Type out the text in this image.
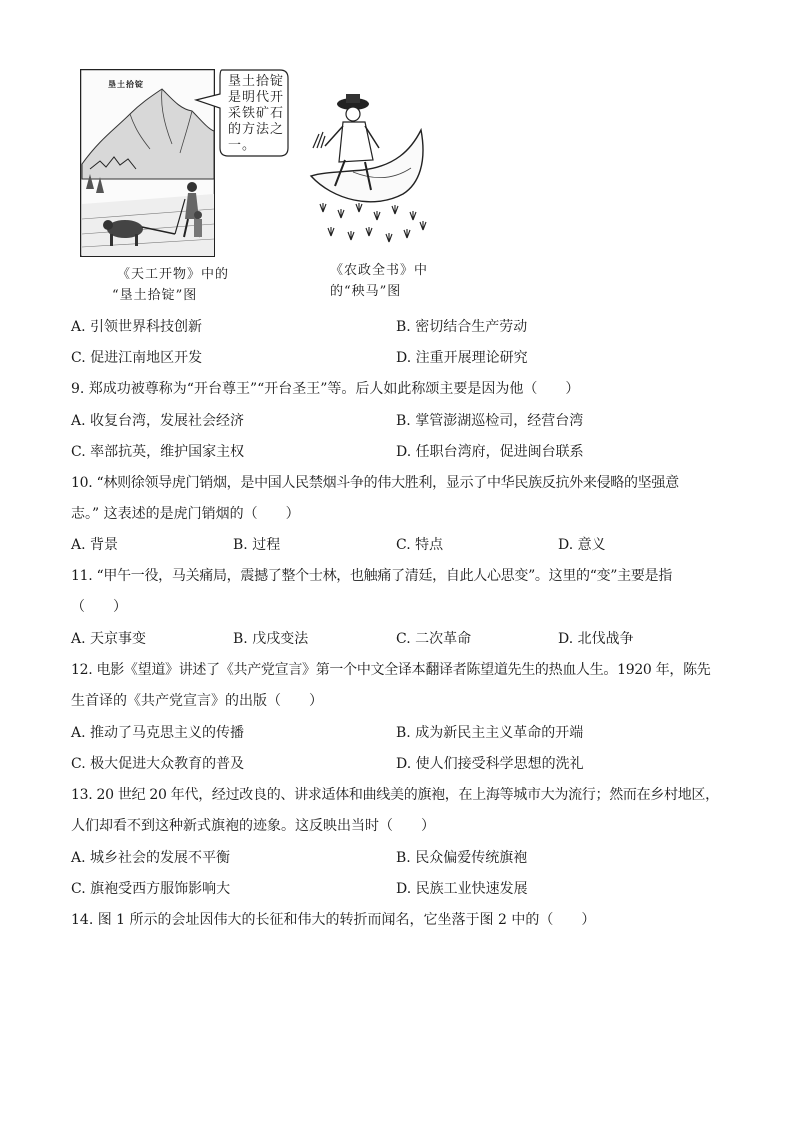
垦土拾锭	垦土拾锭
是明代开
采铁矿石
的方法之
一。
《天工开物》中的
“垦土拾锭”图
《农政全书》中
的“秧马”图
A. 引领世界科技创新	B. 密切结合生产劳动
C. 促进江南地区开发	D. 注重开展理论研究
9. 郑成功被尊称为“开台尊王”“开台圣王”等。后人如此称颂主要是因为他（　　）
A. 收复台湾，发展社会经济	B. 掌管澎湖巡检司，经营台湾
C. 率部抗英，维护国家主权	D. 任职台湾府，促进闽台联系
10. “林则徐领导虎门销烟，是中国人民禁烟斗争的伟大胜利，显示了中华民族反抗外来侵略的坚强意
志。” 这表述的是虎门销烟的（　　）
A. 背景	B. 过程	C. 特点	D. 意义
11. “甲午一役，马关痛局，震撼了整个士林，也触痛了清廷，自此人心思变”。这里的“变”主要是指
（　　）
A. 天京事变	B. 戊戌变法	C. 二次革命	D. 北伐战争
12. 电影《望道》讲述了《共产党宣言》第一个中文全译本翻译者陈望道先生的热血人生。1920 年，陈先
生首译的《共产党宣言》的出版（　　）
A. 推动了马克思主义的传播	B. 成为新民主主义革命的开端
C. 极大促进大众教育的普及	D. 使人们接受科学思想的洗礼
13. 20 世纪 20 年代，经过改良的、讲求适体和曲线美的旗袍，在上海等城市大为流行；然而在乡村地区，
人们却看不到这种新式旗袍的迹象。这反映出当时（　　）
A. 城乡社会的发展不平衡	B. 民众偏爱传统旗袍
C. 旗袍受西方服饰影响大	D. 民族工业快速发展
14. 图 1 所示的会址因伟大的长征和伟大的转折而闻名，它坐落于图 2 中的（　　）
